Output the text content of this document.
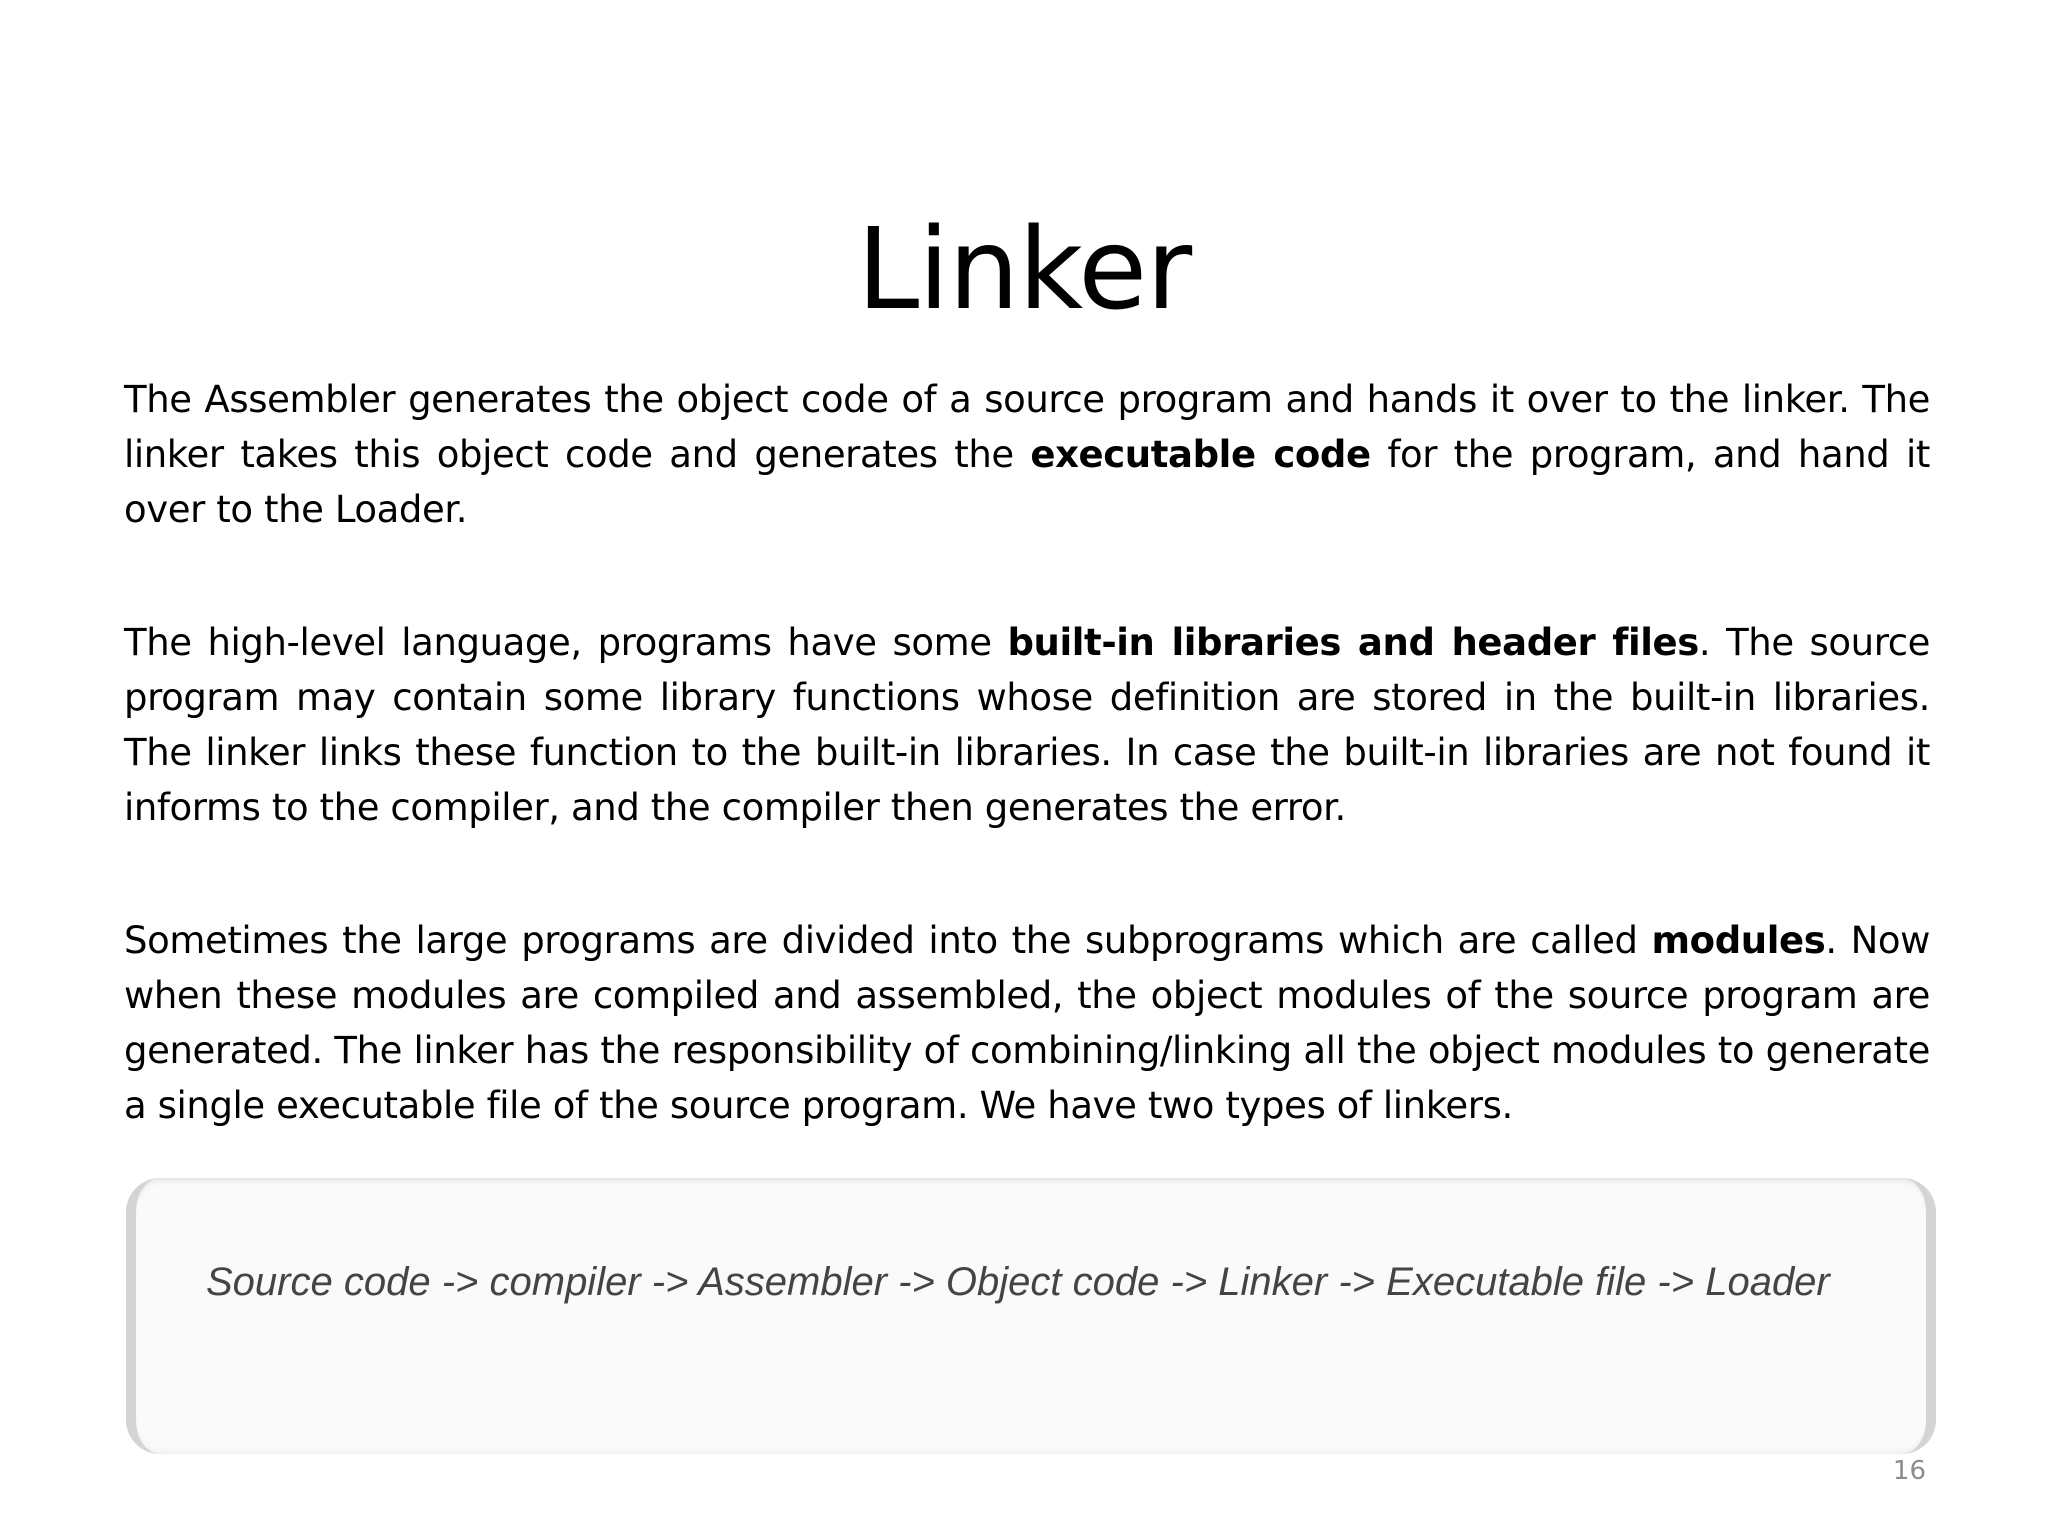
Linker

The Assembler generates the object code of a source program and hands it over to the linker. The linker takes this object code and generates the executable code for the program, and hand it over to the Loader.

The high-level language, programs have some built-in libraries and header files. The source program may contain some library functions whose definition are stored in the built-in libraries. The linker links these function to the built-in libraries. In case the built-in libraries are not found it informs to the compiler, and the compiler then generates the error.

Sometimes the large programs are divided into the subprograms which are called modules. Now when these modules are compiled and assembled, the object modules of the source program are generated. The linker has the responsibility of combining/linking all the object modules to generate a single executable file of the source program. We have two types of linkers.

Source code -> compiler -> Assembler -> Object code -> Linker -> Executable file -> Loader
16
